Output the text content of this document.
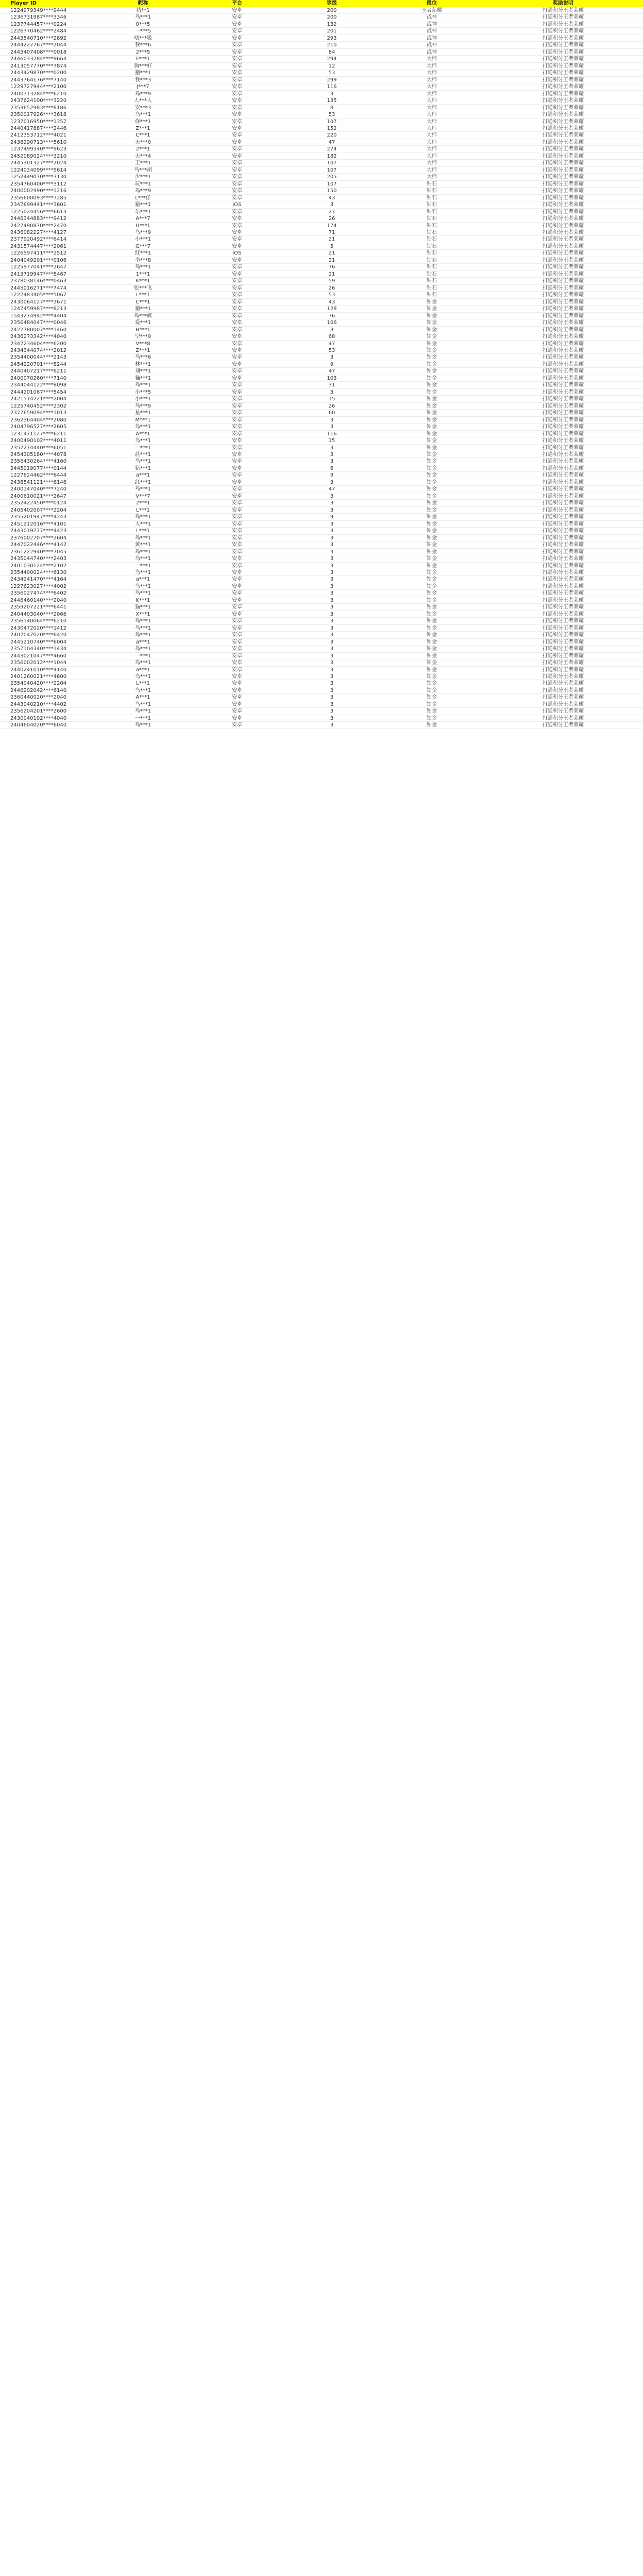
Player ID	昵称	平台	等级	段位	奖励说明
1224979349****9444	猪**1	安卓	200	王者荣耀	打通积分王者荣耀
1236731987****3346	鸟***1	安卓	200	战神	打通积分王者荣耀
1237744457****0224	0***5	安卓	132	战神	打通积分王者荣耀
1226770462****2484	一***5	安卓	201	战神	打通积分王者荣耀
2443540710****2892	咕***吸	安卓	293	战神	打通积分王者荣耀
2444227767****2044	我***6	安卓	210	战神	打通积分王者荣耀
2443407408****0018	2***5	安卓	84	战神	打通积分王者荣耀
2446033284****9664	F***1	安卓	294	大师	打通积分王者荣耀
2413057770****7874	狗***好	安卓	12	大师	打通积分王者荣耀
2443429870****0200	猪***1	安卓	53	大师	打通积分王者荣耀
2443764176****7140	我***3	安卓	299	大师	打通积分王者荣耀
1229727944****2100	J***7	安卓	116	大师	打通积分王者荣耀
2400713284****6210	鸟***9	安卓	3	大师	打通积分王者荣耀
2437624100****3220	人***人	安卓	135	大师	打通积分王者荣耀
2353652983****8186	安***3	安卓	8	大师	打通积分王者荣耀
2350017926****3618	鸟***1	安卓	53	大师	打通积分王者荣耀
1237016950****1357	你***1	安卓	107	大师	打通积分王者荣耀
2440417887****2446	Z***1	安卓	152	大师	打通积分王者荣耀
2412353712****4021	C***1	安卓	220	大师	打通积分王者荣耀
2438290713****5610	天***0	安卓	47	大师	打通积分王者荣耀
1237499340****9623	2***1	安卓	274	大师	打通积分王者荣耀
2452089024****3210	天***4	安卓	182	大师	打通积分王者荣耀
2445301327****2024	王***1	安卓	107	大师	打通积分王者荣耀
1224024099****5614	鸟***胡	安卓	107	大师	打通积分王者荣耀
1252449070****3130	少***1	安卓	205	大师	打通积分王者荣耀
2354760400****3112	玩***1	安卓	107	钻石	打通积分王者荣耀
2400002990****1216	鸟***9	安卓	150	钻石	打通积分王者荣耀
2356600093****7285	L***仔	安卓	43	钻石	打通积分王者荣耀
2347699441****3601	猪***1	iOS	3	钻石	打通积分王者荣耀
1225024456****6613	乐***1	安卓	27	钻石	打通积分王者荣耀
2446344883****9412	A***7	安卓	26	钻石	打通积分王者荣耀
2427490870****2470	U***1	安卓	174	钻石	打通积分王者荣耀
2436082227****4127	鸟***9	安卓	71	钻石	打通积分王者荣耀
2377920492****6414	小***1	安卓	21	钻石	打通积分王者荣耀
2431574447****2061	G***7	安卓	5	钻石	打通积分王者荣耀
1226597411****2512	红***1	iOS	21	钻石	打通积分王者荣耀
2404049201****0106	李***8	安卓	21	钻石	打通积分王者荣耀
1225977041****2647	鸟***1	安卓	76	钻石	打通积分王者荣耀
2413719947****5467	1***1	安卓	21	钻石	打通积分王者荣耀
2378038146****0463	K***1	安卓	59	钻石	打通积分王者荣耀
2445016271****7474	张***飞	安卓	26	钻石	打通积分王者荣耀
1227483405****5067	L***1	安卓	53	钻石	打通积分王者荣耀
2430064127****3671	C***1	安卓	43	铂金	打通积分王者荣耀
1247459987****8213	猪***1	安卓	128	铂金	打通积分王者荣耀
1543274942****4404	鸟***疯	安卓	76	铂金	打通积分王者荣耀
2356484047****0046	爱***1	安卓	106	铂金	打通积分王者荣耀
2427780007****1460	H***1	安卓	3	铂金	打通积分王者荣耀
2436273342****4040	空***9	安卓	68	铂金	打通积分王者荣耀
2347234604****6200	V***8	安卓	47	铂金	打通积分王者荣耀
2434344074****2012	Z***1	安卓	53	铂金	打通积分王者荣耀
2354400044****2143	鸟***6	安卓	3	铂金	打通积分王者荣耀
2454220701****8244	林***1	安卓	9	铂金	打通积分王者荣耀
2440407217****6211	刘***1	安卓	47	铂金	打通积分王者荣耀
2400070260****7140	猫***1	安卓	103	铂金	打通积分王者荣耀
2344044122****8098	鸟***1	安卓	31	铂金	打通积分王者荣耀
2444201067****5454	小***5	安卓	3	铂金	打通积分王者荣耀
2421514221****2004	小***1	安卓	15	铂金	打通积分王者荣耀
1225740452****2302	鸟***9	安卓	26	铂金	打通积分王者荣耀
2377659094****1013	星***1	安卓	60	铂金	打通积分王者荣耀
2362364404****2080	M***1	安卓	3	铂金	打通积分王者荣耀
2404796527****2605	鸟***1	安卓	3	铂金	打通积分王者荣耀
1231471127****6211	A***1	安卓	116	铂金	打通积分王者荣耀
2400490102****4011	鸟***1	安卓	15	铂金	打通积分王者荣耀
2357274440****6051	一***1	安卓	3	铂金	打通积分王者荣耀
2454305180****4078	蓝***1	安卓	3	铂金	打通积分王者荣耀
2356430264****4160	鸟***1	安卓	3	铂金	打通积分王者荣耀
2445019077****0144	猪***1	安卓	6	铂金	打通积分王者荣耀
1227624462****6444	a***1	安卓	9	铂金	打通积分王者荣耀
2438541121****6146	红***1	安卓	3	铂金	打通积分王者荣耀
2400147040****7240	鸟***1	安卓	47	铂金	打通积分王者荣耀
2400610021****2647	V***7	安卓	3	铂金	打通积分王者荣耀
2352422450****0124	2***1	安卓	3	铂金	打通积分王者荣耀
2405402007****2204	L***1	安卓	3	铂金	打通积分王者荣耀
2355201947****4243	鸟***1	安卓	9	铂金	打通积分王者荣耀
2451212016****4101	人***1	安卓	3	铂金	打通积分王者荣耀
2443019777****4423	L***1	安卓	3	铂金	打通积分王者荣耀
2376002707****2604	鸟***1	安卓	3	铂金	打通积分王者荣耀
2447022446****4142	黄***1	安卓	3	铂金	打通积分王者荣耀
2361222940****7045	鸟***1	安卓	3	铂金	打通积分王者荣耀
2435044740****2403	鸟***1	安卓	3	铂金	打通积分王者荣耀
2401030124****2102	一***1	安卓	3	铂金	打通积分王者荣耀
2354400024****6130	鸟***1	安卓	3	铂金	打通积分王者荣耀
2434241470****4164	a***1	安卓	3	铂金	打通积分王者荣耀
1227623027****4002	鸟***1	安卓	3	铂金	打通积分王者荣耀
2356027474****6402	鸟***1	安卓	3	铂金	打通积分王者荣耀
2446460140****2040	K***1	安卓	3	铂金	打通积分王者荣耀
2359207221****6441	猫***1	安卓	3	铂金	打通积分王者荣耀
2404403040****2066	X***1	安卓	3	铂金	打通积分王者荣耀
2356140064****6210	鸟***1	安卓	3	铂金	打通积分王者荣耀
2430472020****1412	鸟***1	安卓	3	铂金	打通积分王者荣耀
2407047020****6420	鸟***1	安卓	3	铂金	打通积分王者荣耀
2445210740****6004	a***1	安卓	3	铂金	打通积分王者荣耀
2357104340****1434	鸟***1	安卓	3	铂金	打通积分王者荣耀
2443021047****4660	一***1	安卓	3	铂金	打通积分王者荣耀
2356002012****1044	鸟***1	安卓	3	铂金	打通积分王者荣耀
2440241010****4140	a***1	安卓	3	铂金	打通积分王者荣耀
2401260021****4600	鸟***1	安卓	3	铂金	打通积分王者荣耀
2354040420****2204	L***1	安卓	3	铂金	打通积分王者荣耀
2446202042****6140	鸟***1	安卓	3	铂金	打通积分王者荣耀
2360440020****2040	A***1	安卓	3	铂金	打通积分王者荣耀
2443040210****4402	鸟***1	安卓	3	铂金	打通积分王者荣耀
2356204201****2600	鸟***1	安卓	3	铂金	打通积分王者荣耀
2430040102****4040	一***1	安卓	3	铂金	打通积分王者荣耀
2404604020****6040	鸟***1	安卓	3	铂金	打通积分王者荣耀
